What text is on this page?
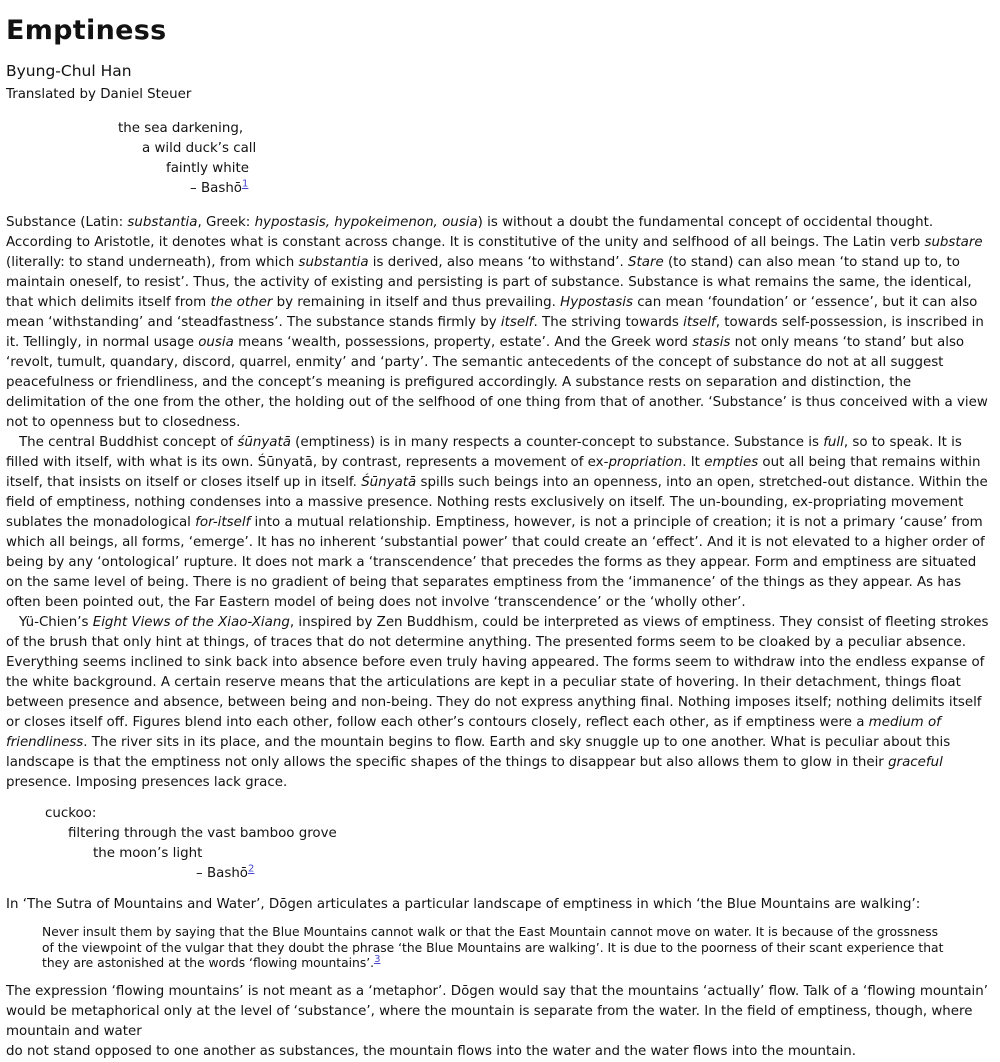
Emptiness
Byung-Chul Han
Translated by Daniel Steuer
the sea darkening,
a wild duck’s call
faintly white
– Bashō$^1$

Substance (Latin: substantia, Greek: hypostasis, hypokeimenon, ousia) is without a doubt the fundamental concept of occidental thought. According to Aristotle, it denotes what is constant across change. It is constitutive of the unity and selfhood of all beings. The Latin verb substare (literally: to stand underneath), from which substantia is derived, also means ‘to withstand’. Stare (to stand) can also mean ‘to stand up to, to maintain oneself, to resist’. Thus, the activity of existing and persisting is part of substance. Substance is what remains the same, the identical, that which delimits itself from the other by remaining in itself and thus prevailing. Hypostasis can mean ‘foundation’ or ‘essence’, but it can also mean ‘withstanding’ and ‘steadfastness’. The substance stands firmly by itself. The striving towards itself, towards self-possession, is inscribed in it. Tellingly, in normal usage ousia means ‘wealth, possessions, property, estate’. And the Greek word stasis not only means ‘to stand’ but also ‘revolt, tumult, quandary, discord, quarrel, enmity’ and ‘party’. The semantic antecedents of the concept of substance do not at all suggest peacefulness or friendliness, and the concept’s meaning is prefigured accordingly. A substance rests on separation and distinction, the delimitation of the one from the other, the holding out of the selfhood of one thing from that of another. ‘Substance’ is thus conceived with a view not to openness but to closedness.

The central Buddhist concept of śūnyatā (emptiness) is in many respects a counter-concept to substance. Substance is full, so to speak. It is filled with itself, with what is its own. Śūnyatā, by contrast, represents a movement of ex-propriation. It empties out all being that remains within itself, that insists on itself or closes itself up in itself. Śūnyatā spills such beings into an openness, into an open, stretched-out distance. Within the field of emptiness, nothing condenses into a massive presence. Nothing rests exclusively on itself. The un-bounding, ex-propriating movement sublates the monadological for-itself into a mutual relationship. Emptiness, however, is not a principle of creation; it is not a primary ‘cause’ from which all beings, all forms, ‘emerge’. It has no inherent ‘substantial power’ that could create an ‘effect’. And it is not elevated to a higher order of being by any ‘ontological’ rupture. It does not mark a ‘transcendence’ that precedes the forms as they appear. Form and emptiness are situated on the same level of being. There is no gradient of being that separates emptiness from the ‘immanence’ of the things as they appear. As has often been pointed out, the Far Eastern model of being does not involve ‘transcendence’ or the ‘wholly other’.

Yü-Chien’s Eight Views of the Xiao-Xiang, inspired by Zen Buddhism, could be interpreted as views of emptiness. They consist of fleeting strokes of the brush that only hint at things, of traces that do not determine anything. The presented forms seem to be cloaked by a peculiar absence. Everything seems inclined to sink back into absence before even truly having appeared. The forms seem to withdraw into the endless expanse of the white background. A certain reserve means that the articulations are kept in a peculiar state of hovering. In their detachment, things float between presence and absence, between being and non-being. They do not express anything final. Nothing imposes itself; nothing delimits itself or closes itself off. Figures blend into each other, follow each other’s contours closely, reflect each other, as if emptiness were a medium of friendliness. The river sits in its place, and the mountain begins to flow. Earth and sky snuggle up to one another. What is peculiar about this landscape is that the emptiness not only allows the specific shapes of the things to disappear but also allows them to glow in their graceful presence. Imposing presences lack grace.

cuckoo:
filtering through the vast bamboo grove
the moon’s light
– Bashō$^2$

In ‘The Sutra of Mountains and Water’, Dōgen articulates a particular landscape of emptiness in which ‘the Blue Mountains are walking’:

Never insult them by saying that the Blue Mountains cannot walk or that the East Mountain cannot move on water. It is because of the grossness of the viewpoint of the vulgar that they doubt the phrase ‘the Blue Mountains are walking’. It is due to the poorness of their scant experience that they are astonished at the words ‘flowing mountains’.$^3$

The expression ‘flowing mountains’ is not meant as a ‘metaphor’. Dōgen would say that the mountains ‘actually’ flow. Talk of a ‘flowing mountain’ would be metaphorical only at the level of ‘substance’, where the mountain is separate from the water. In the field of emptiness, though, where mountain and water

do not stand opposed to one another as substances, the mountain flows into the water and the water flows into the mountain.
